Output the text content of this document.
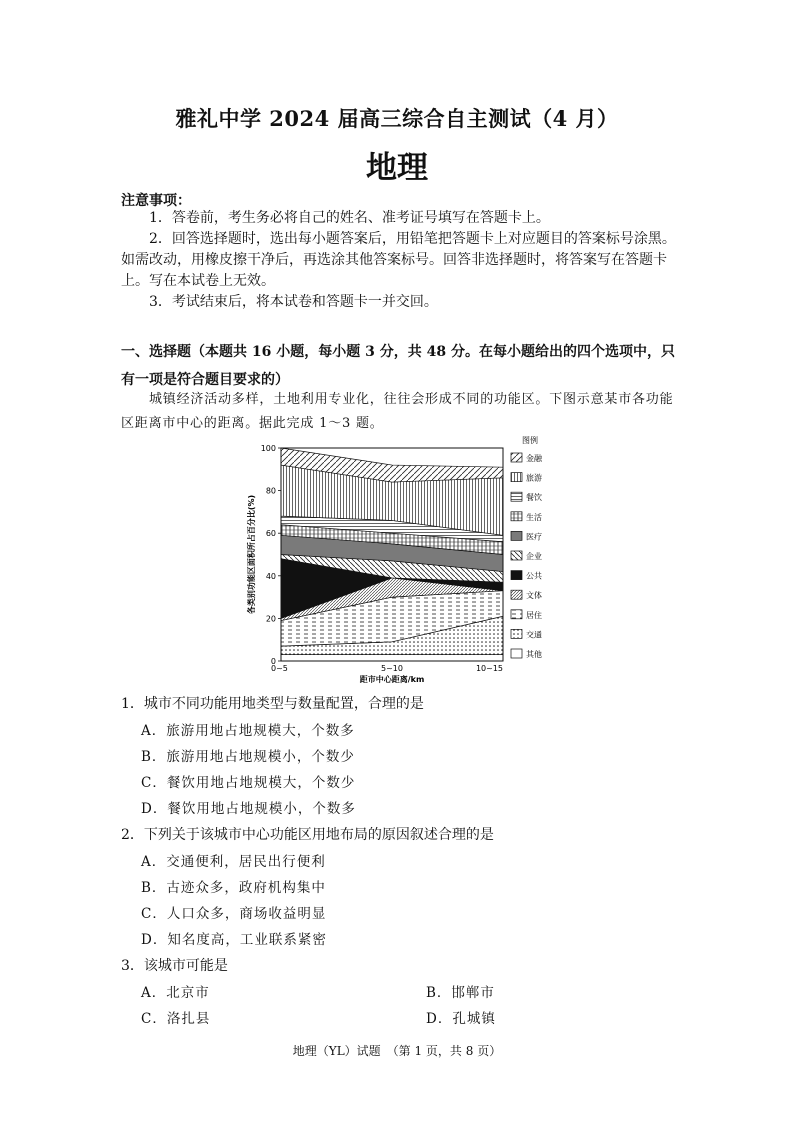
雅礼中学 2024 届高三综合自主测试（4 月）
地理
注意事项：

1．答卷前，考生务必将自己的姓名、准考证号填写在答题卡上。

2．回答选择题时，选出每小题答案后，用铅笔把答题卡上对应题目的答案标号涂黑。如需改动，用橡皮擦干净后，再选涂其他答案标号。回答非选择题时，将答案写在答题卡上。写在本试卷上无效。

3．考试结束后，将本试卷和答题卡一并交回。

一、选择题（本题共 16 小题，每小题 3 分，共 48 分。在每小题给出的四个选项中，只有一项是符合题目要求的）
城镇经济活动多样，土地利用专业化，往往会形成不同的功能区。下图示意某市各功能区距离市中心的距离。据此完成 1～3 题。
0
20
40
60
80
100
0~5	5~10	10~15
距市中心距离/km
各类别功能区面积所占百分比(%)
图例
金融
旅游
餐饮
生活
医疗
企业
公共
文体
居住
交通
其他
1．城市不同功能用地类型与数量配置，合理的是
A．旅游用地占地规模大，个数多
B．旅游用地占地规模小，个数少
C．餐饮用地占地规模大，个数少
D．餐饮用地占地规模小，个数多
2．下列关于该城市中心功能区用地布局的原因叙述合理的是
A．交通便利，居民出行便利
B．古迹众多，政府机构集中
C．人口众多，商场收益明显
D．知名度高，工业联系紧密
3．该城市可能是
A．北京市	B．邯郸市
C．洛扎县	D．孔城镇
地理（YL）试题　（第 1 页，共 8 页）
